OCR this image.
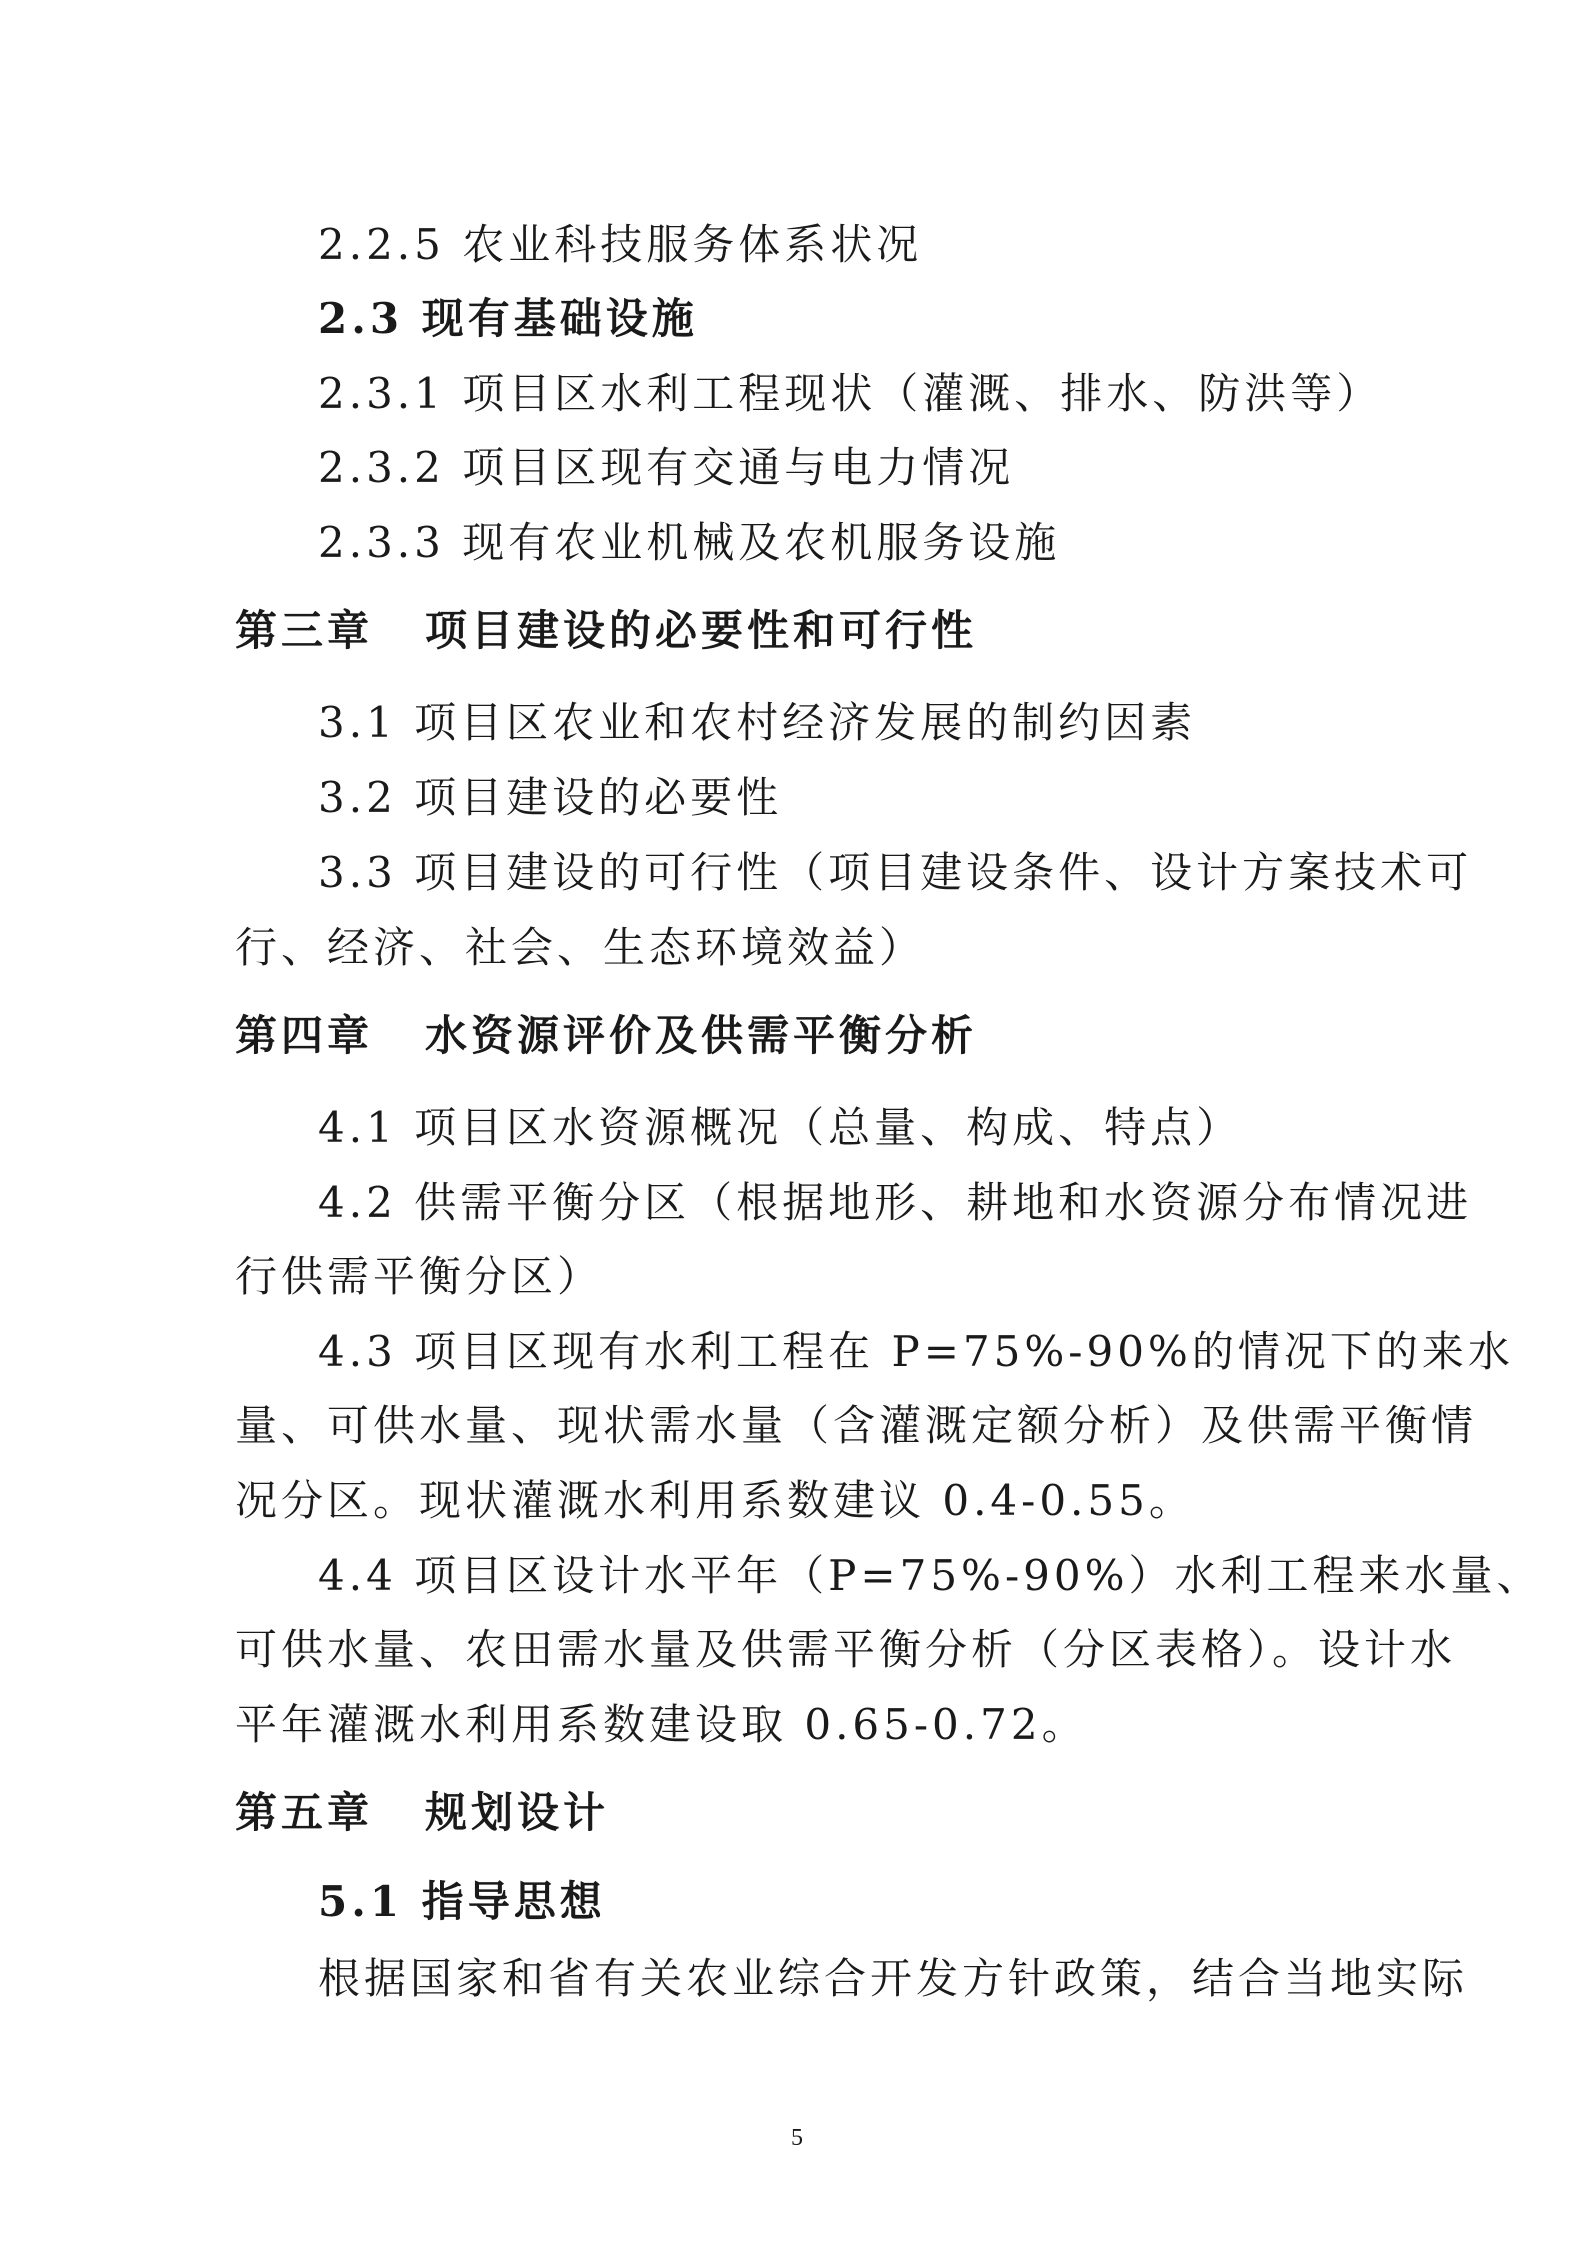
2.2.5 农业科技服务体系状况
2.3 现有基础设施
2.3.1 项目区水利工程现状（灌溉、排水、防洪等）
2.3.2 项目区现有交通与电力情况
2.3.3 现有农业机械及农机服务设施
第三章 项目建设的必要性和可行性
3.1 项目区农业和农村经济发展的制约因素
3.2 项目建设的必要性
3.3 项目建设的可行性（项目建设条件、设计方案技术可
行、经济、社会、生态环境效益）
第四章 水资源评价及供需平衡分析
4.1 项目区水资源概况（总量、构成、特点）
4.2 供需平衡分区（根据地形、耕地和水资源分布情况进
行供需平衡分区）
4.3 项目区现有水利工程在 P=75%-90%的情况下的来水
量、可供水量、现状需水量（含灌溉定额分析）及供需平衡情
况分区。现状灌溉水利用系数建议 0.4-0.55。
4.4 项目区设计水平年（P=75%-90%）水利工程来水量、
可供水量、农田需水量及供需平衡分析（分区表格）。设计水
平年灌溉水利用系数建设取 0.65-0.72。
第五章 规划设计
5.1 指导思想
根据国家和省有关农业综合开发方针政策，结合当地实际
5
